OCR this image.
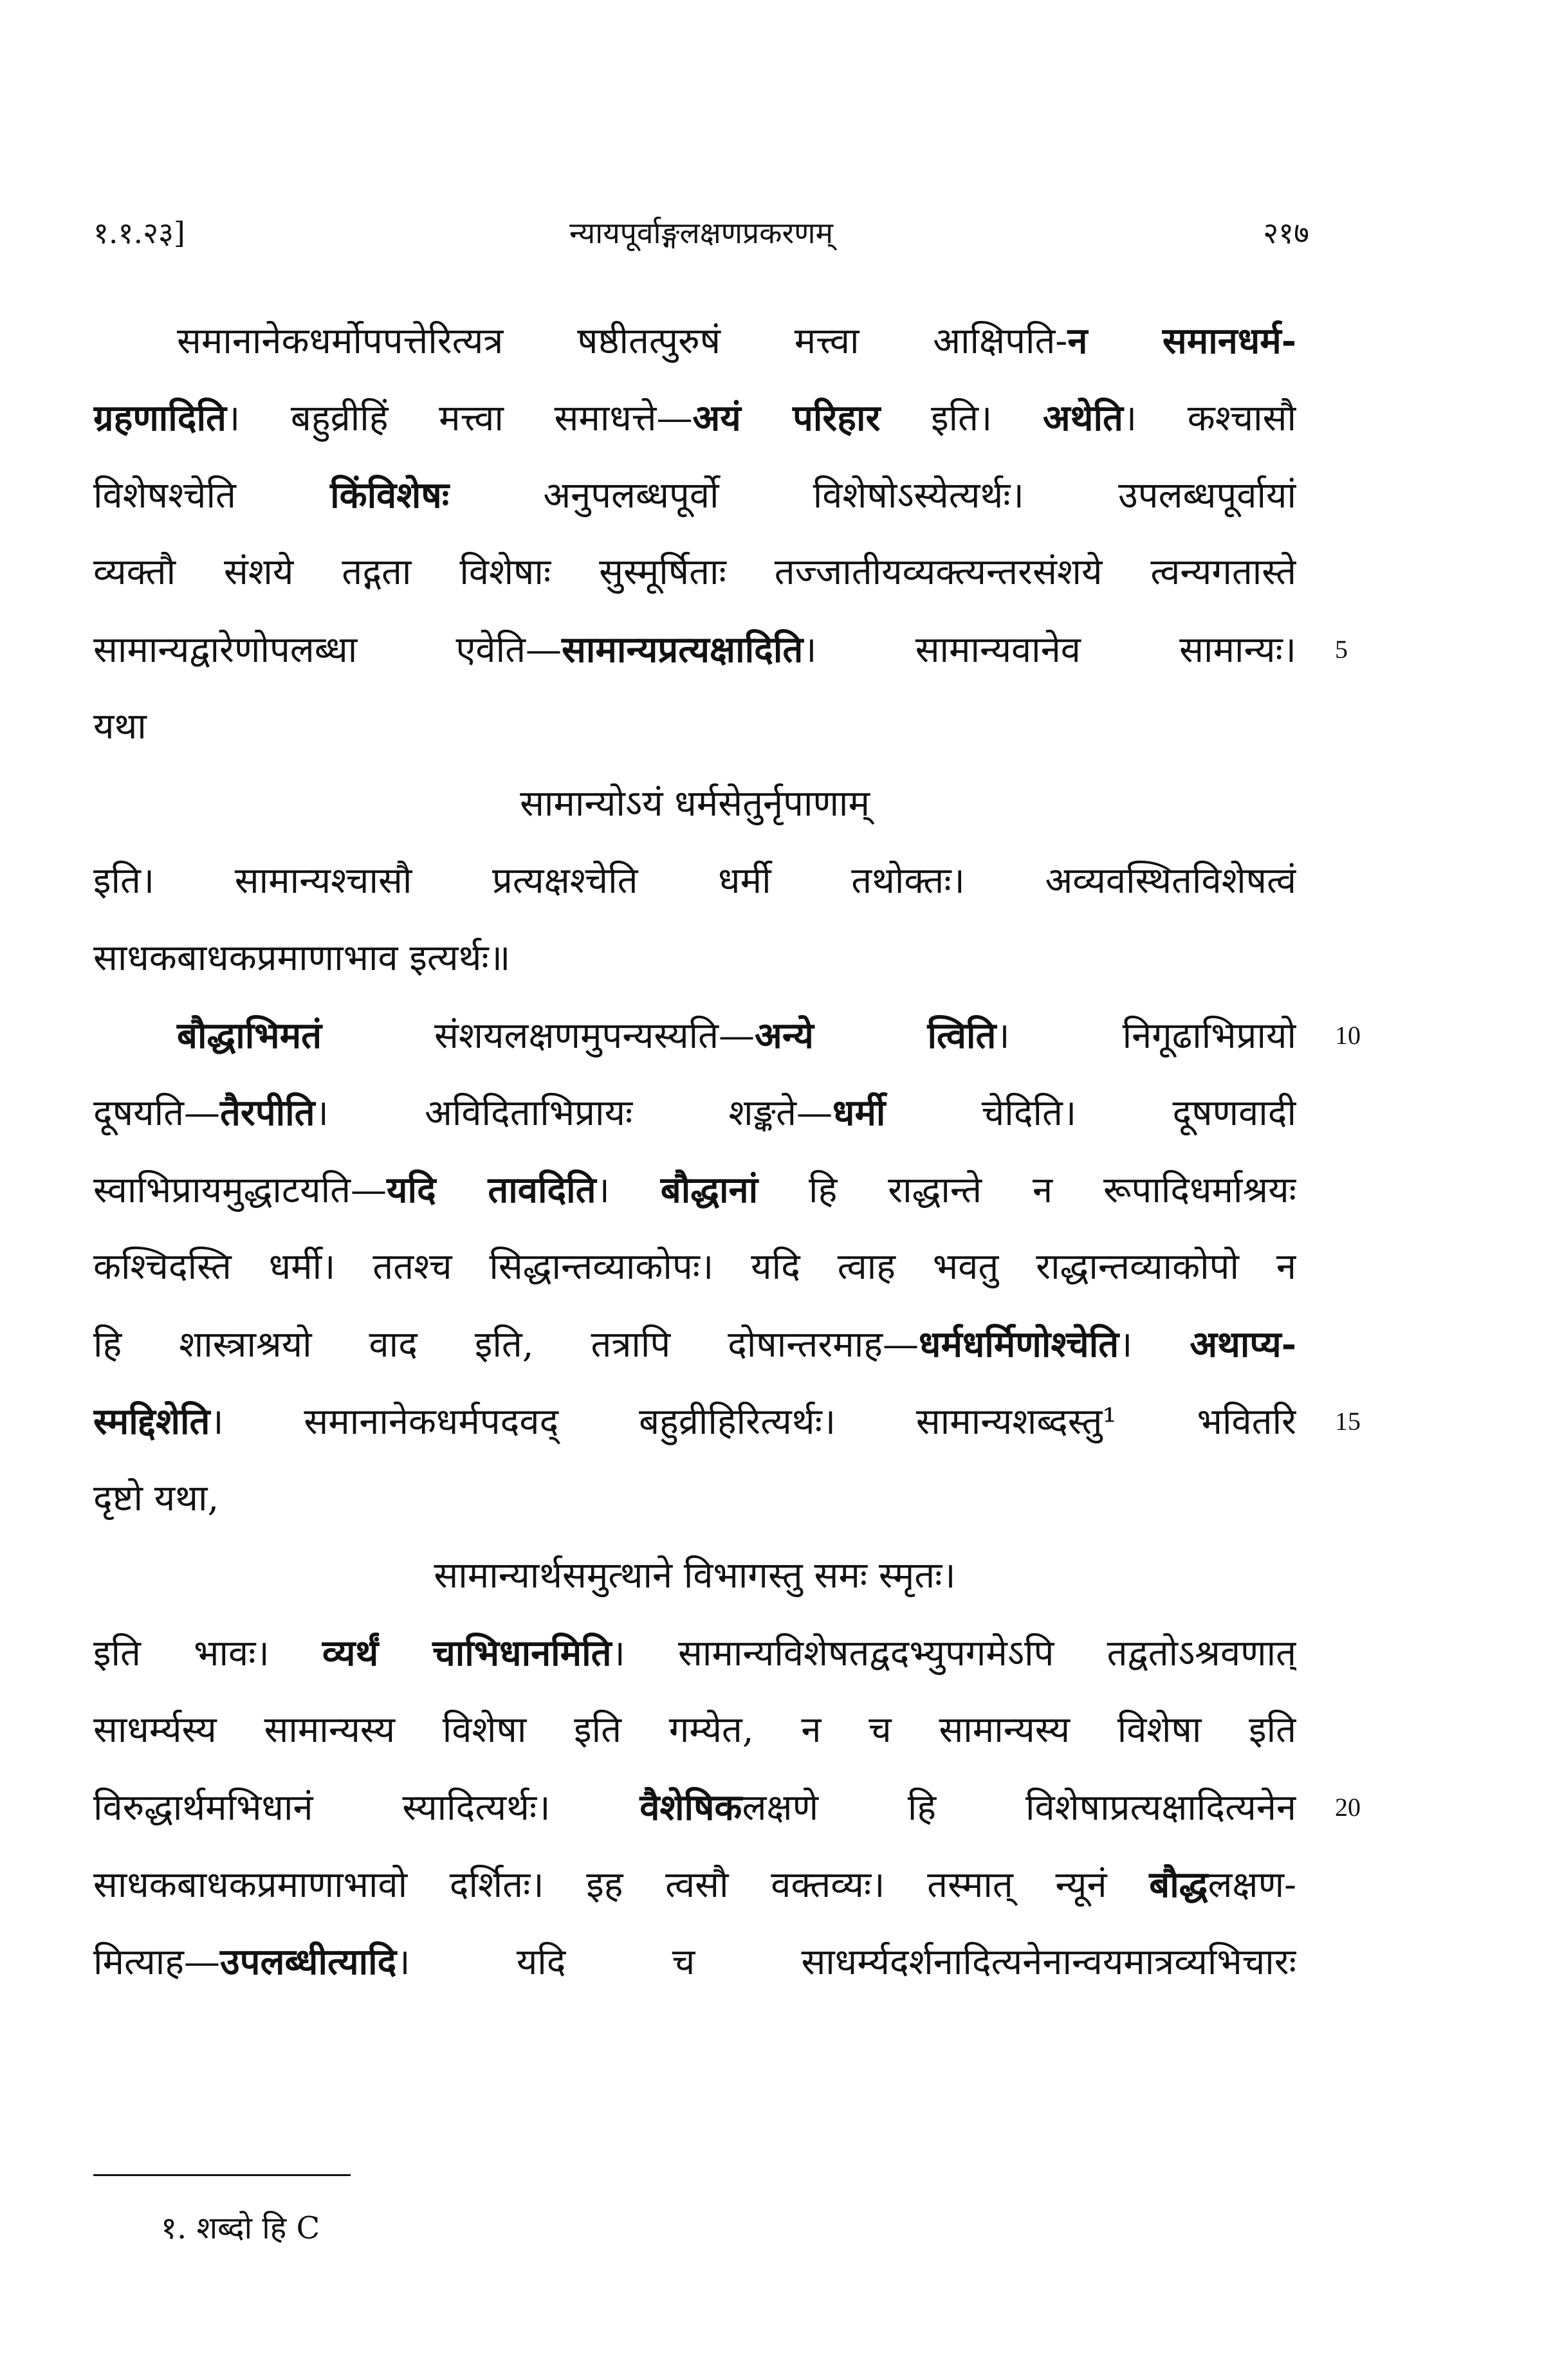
१.१.२३]	न्यायपूर्वाङ्गलक्षणप्रकरणम्	२१७
समानानेकधर्मोपपत्तेरित्यत्र षष्ठीतत्पुरुषं मत्त्वा आक्षिपति-न समानधर्म-
ग्रहणादिति। बहुव्रीहिं मत्त्वा समाधत्ते—अयं परिहार इति। अथेति। कश्चासौ
विशेषश्चेति किंविशेषः अनुपलब्धपूर्वो विशेषोऽस्येत्यर्थः। उपलब्धपूर्वायां
व्यक्तौ संशये तद्गता विशेषाः सुस्मूर्षिताः तज्जातीयव्यक्त्यन्तरसंशये त्वन्यगतास्ते
सामान्यद्वारेणोपलब्धा एवेति—सामान्यप्रत्यक्षादिति। सामान्यवानेव सामान्यः।
यथा
सामान्योऽयं धर्मसेतुर्नृपाणाम्
इति। सामान्यश्चासौ प्रत्यक्षश्चेति धर्मी तथोक्तः। अव्यवस्थितविशेषत्वं
साधकबाधकप्रमाणाभाव इत्यर्थः॥
बौद्धाभिमतं संशयलक्षणमुपन्यस्यति—अन्ये त्विति। निगूढाभिप्रायो
दूषयति—तैरपीति। अविदिताभिप्रायः शङ्कते—धर्मी चेदिति। दूषणवादी
स्वाभिप्रायमुद्धाटयति—यदि तावदिति। बौद्धानां हि राद्धान्ते न रूपादिधर्माश्रयः
कश्चिदस्ति धर्मी। ततश्च सिद्धान्तव्याकोपः। यदि त्वाह भवतु राद्धान्तव्याकोपो न
हि शास्त्राश्रयो वाद इति, तत्रापि दोषान्तरमाह—धर्मधर्मिणोश्चेति। अथाप्य-
स्मद्दिशेति। समानानेकधर्मपदवद् बहुव्रीहिरित्यर्थः। सामान्यशब्दस्तु¹ भवितरि
दृष्टो यथा,
सामान्यार्थसमुत्थाने विभागस्तु समः स्मृतः।
इति भावः। व्यर्थं चाभिधानमिति। सामान्यविशेषतद्वदभ्युपगमेऽपि तद्वतोऽश्रवणात्
साधर्म्यस्य सामान्यस्य विशेषा इति गम्येत, न च सामान्यस्य विशेषा इति
विरुद्धार्थमभिधानं स्यादित्यर्थः। वैशेषिकलक्षणे हि विशेषाप्रत्यक्षादित्यनेन
साधकबाधकप्रमाणाभावो दर्शितः। इह त्वसौ वक्तव्यः। तस्मात् न्यूनं बौद्धलक्षण-
मित्याह—उपलब्धीत्यादि। यदि च साधर्म्यदर्शनादित्यनेनान्वयमात्रव्यभिचारः
5
10
15
20
१. शब्दो हि C
